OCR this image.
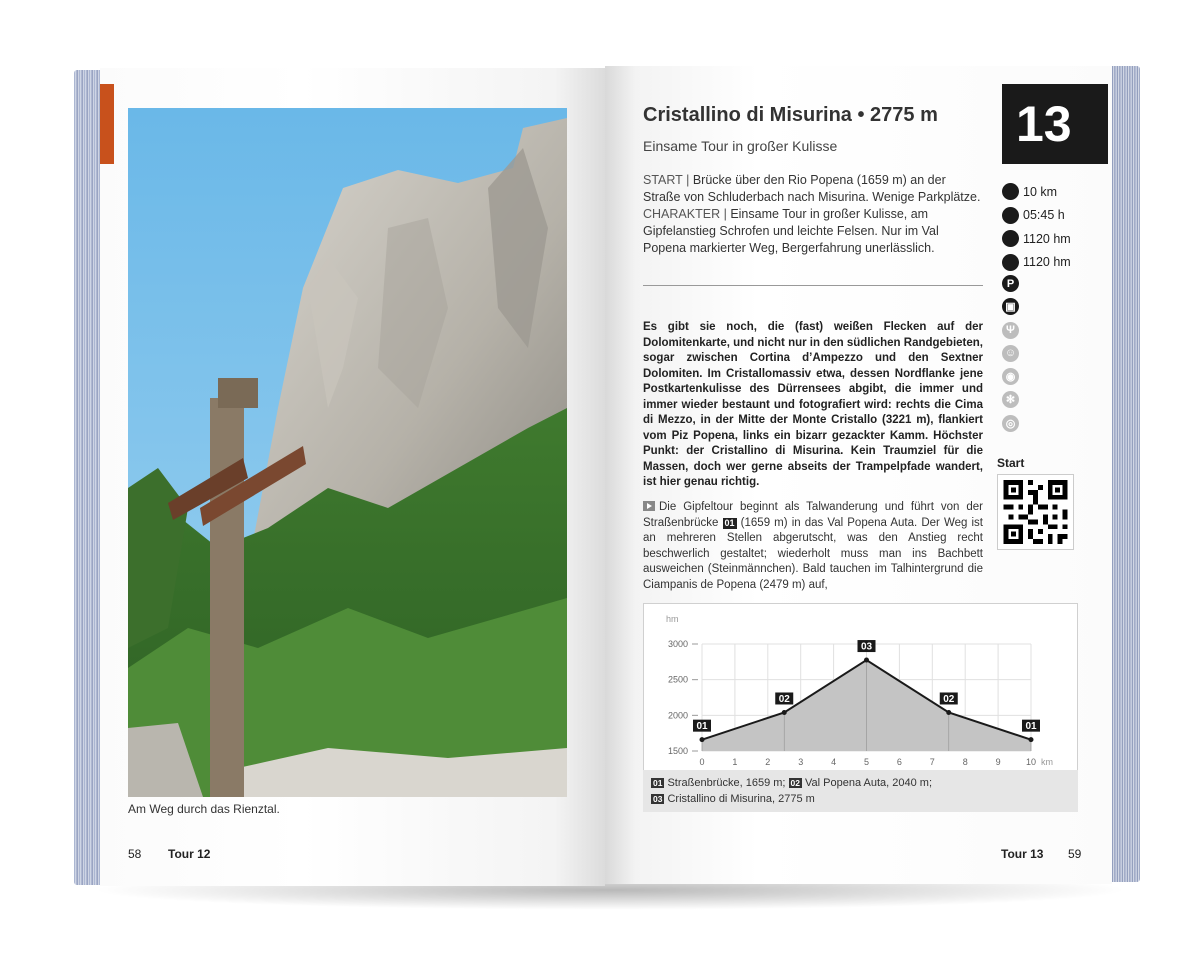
Am Weg durch das Rienztal.
58 Tour 12
Cristallino di Misurina • 2775 m
Einsame Tour in großer Kulisse	13
START | Brücke über den Rio Popena (1659 m) an der Straße von Schluderbach nach Misurina. Wenige Parkplätze.
CHARAKTER | Einsame Tour in großer Kulisse, am Gipfelanstieg Schrofen und leichte Felsen. Nur im Val Popena markierter Weg, Bergerfahrung unerlässlich.
Es gibt sie noch, die (fast) weißen Flecken auf der Dolomitenkarte, und nicht nur in den südlichen Randgebieten, sogar zwischen Cortina d’Ampezzo und den Sextner Dolomiten. Im Cristallomassiv etwa, dessen Nordflanke jene Postkartenkulisse des Dürrensees abgibt, die immer und immer wieder bestaunt und fotografiert wird: rechts die Cima di Mezzo, in der Mitte der Monte Cristallo (3221 m), flankiert vom Piz Popena, links ein bizarr gezackter Kamm. Höchster Punkt: der Cristallino di Misurina. Kein Traumziel für die Massen, doch wer gerne abseits der Trampelpfade wandert, ist hier genau richtig.
Die Gipfeltour beginnt als Talwanderung und führt von der Straßenbrücke 01 (1659 m) in das Val Popena Auta. Der Weg ist an mehreren Stellen abgerutscht, was den Anstieg recht beschwerlich gestaltet; wiederholt muss man ins Bachbett ausweichen (Steinmännchen). Bald tauchen im Talhintergrund die Ciampanis de Popena (2479 m) auf,
10 km
05:45 h
1120 hm
1120 hm
P
▣
Ψ
☺
◉
✻
◎
Start
hm
3000
2500
2000
1500
0	1	2	3	4	5	6	7	8	9	10 km
01
02
03
02
01
01 Straßenbrücke, 1659 m; 02 Val Popena Auta, 2040 m;
03 Cristallino di Misurina, 2775 m
Tour 13 59
